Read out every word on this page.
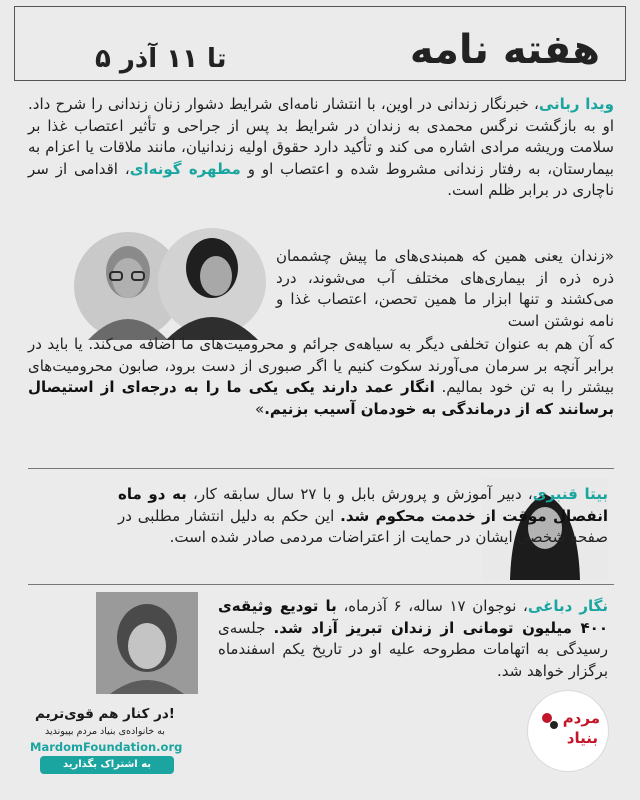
هفته نامه
۵ تا ۱۱ آذر

ویدا ربانی، خبرنگار زندانی در اوین، با انتشار نامه‌ای شرایط دشوار زنان زندانی را شرح داد. او به بازگشت نرگس محمدی به زندان در شرایط بد پس از جراحی و تأثیر اعتصاب غذا بر سلامت وریشه مرادی اشاره می کند و تأکید دارد حقوق اولیه زندانیان، مانند ملاقات یا اعزام به بیمارستان، به رفتار زندانی مشروط شده و اعتصاب او و مطهره گونه‌ای، اقدامی از سر ناچاری در برابر ظلم است.

«زندان یعنی همین که همبندی‌های ما پیش چشممان ذره ذره از بیماری‌های مختلف آب می‌شوند، درد می‌کشند و تنها ابزار ما همین تحصن، اعتصاب غذا و نامه نوشتن است

که آن هم به عنوان تخلفی دیگر به سیاهه‌ی جرائم و محرومیت‌های ما اضافه می‌کند. یا باید در برابر آنچه بر سرمان می‌آورند سکوت کنیم یا اگر صبوری از دست برود، صابون محرومیت‌های بیشتر را به تن خود بمالیم. انگار عمد دارند یکی یکی ما را به درجه‌ای از استیصال برسانند که از درماندگی به خودمان آسیب بزنیم.»

بیتا قنبری، دبیر آموزش و پرورش بابل و با ۲۷ سال سابقه کار، به دو ماه انفصال موقت از خدمت محکوم شد. این حکم به دلیل انتشار مطلبی در صفحه شخصی ایشان در حمایت از اعتراضات مردمی صادر شده است.

نگار دباغی، نوجوان ۱۷ ساله، ۶ آذرماه، با تودیع وثیقه‌ی ۴۰۰ میلیون تومانی از زندان تبریز آزاد شد. جلسه‌ی رسیدگی به اتهامات مطروحه علیه او در تاریخ یکم اسفندماه برگزار خواهد شد.

در کنار هم قوی‌تریم!
به خانواده‌ی بنیاد مردم بپیوندید
MardomFoundation.org
به اشتراک بگذارید
مردم
بنیاد
